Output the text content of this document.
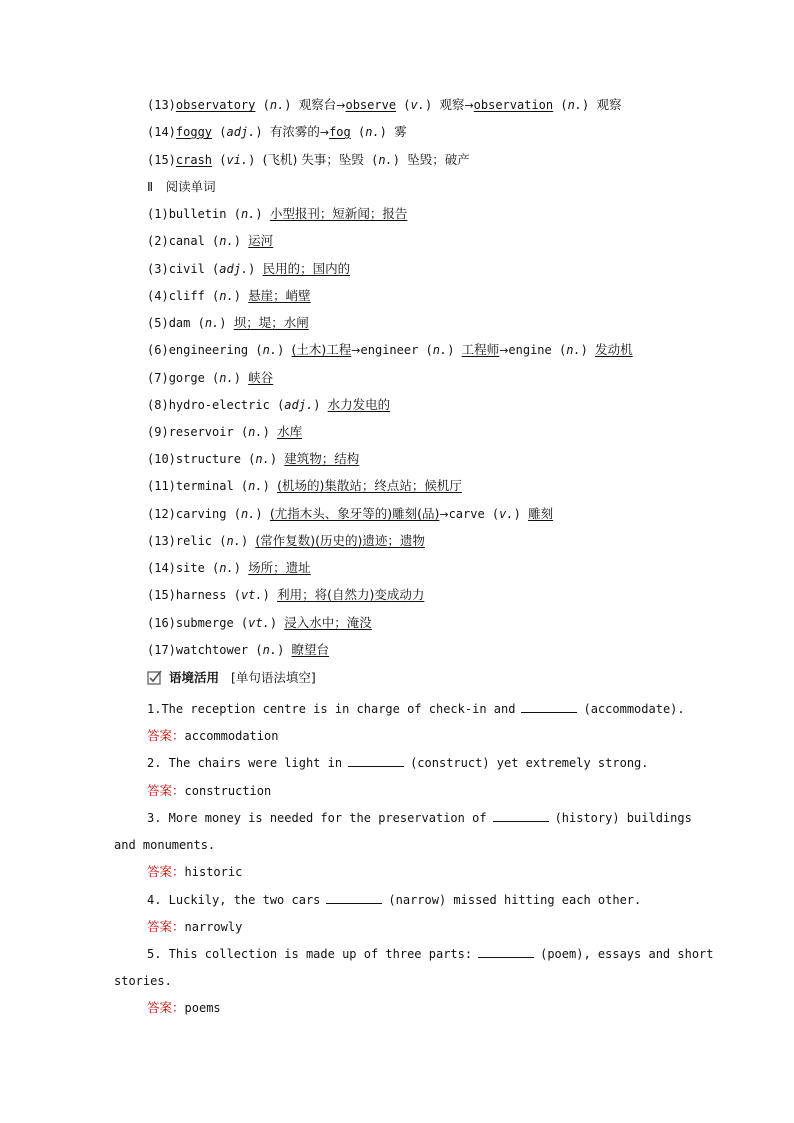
(13)observatory (n.) 观察台→observe (v.) 观察→observation (n.) 观察
(14)foggy (adj.) 有浓雾的→fog (n.) 雾
(15)crash (vi.) (飞机) 失事；坠毁 (n.) 坠毁；破产
Ⅱ　阅读单词
(1)bulletin (n.) 小型报刊；短新闻；报告
(2)canal (n.) 运河
(3)civil (adj.) 民用的；国内的
(4)cliff (n.) 悬崖；峭壁
(5)dam (n.) 坝；堤；水闸
(6)engineering (n.) (土木)工程→engineer (n.) 工程师→engine (n.) 发动机
(7)gorge (n.) 峡谷
(8)hydro-electric (adj.) 水力发电的
(9)reservoir (n.) 水库
(10)structure (n.) 建筑物；结构
(11)terminal (n.) (机场的)集散站；终点站；候机厅
(12)carving (n.) (尤指木头、象牙等的)雕刻(品)→carve (v.) 雕刻
(13)relic (n.) (常作复数)(历史的)遗迹；遗物
(14)site (n.) 场所；遗址
(15)harness (vt.) 利用；将(自然力)变成动力
(16)submerge (vt.) 浸入水中；淹没
(17)watchtower (n.) 瞭望台
语境活用 [单句语法填空]
1.The reception centre is in charge of check-in and	(accommodate).
答案：accommodation
2. The chairs were light in	(construct) yet extremely strong.
答案：construction
3. More money is needed for the preservation of	(history) buildings
and monuments.
答案：historic
4. Luckily, the two cars	(narrow) missed hitting each other.
答案：narrowly
5. This collection is made up of three parts:	(poem), essays and short
stories.
答案：poems
